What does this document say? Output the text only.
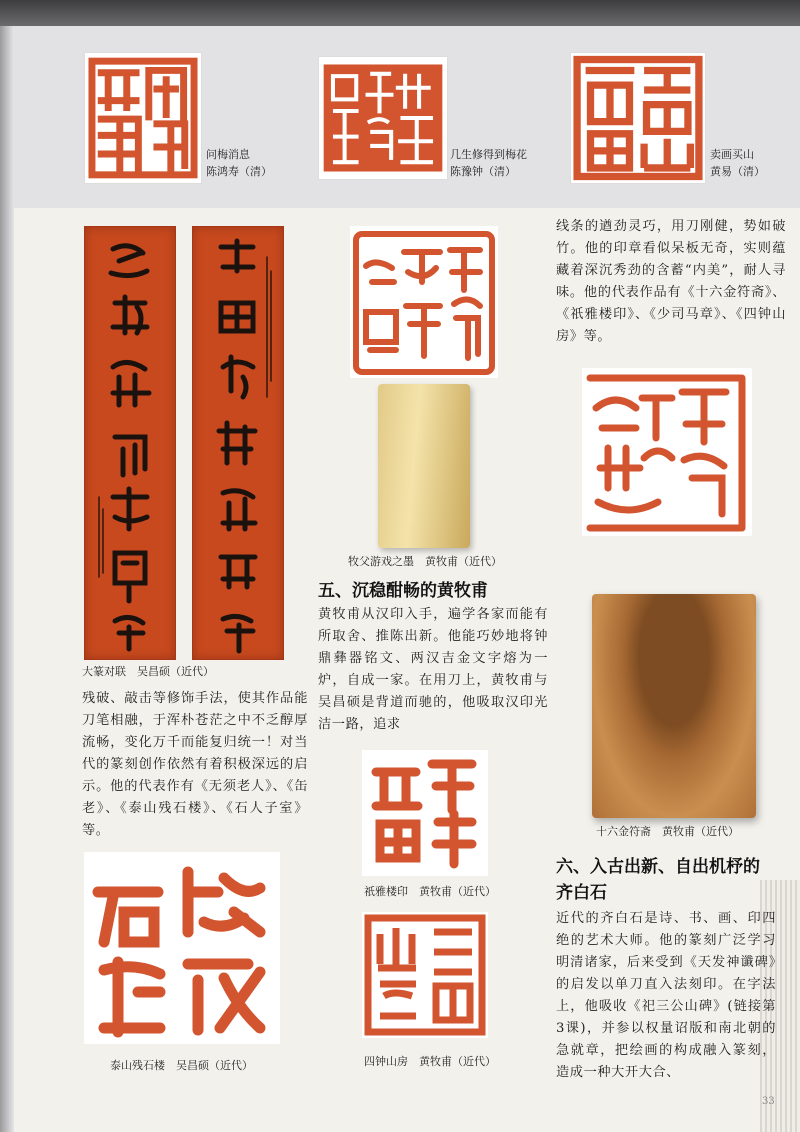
问梅消息
陈鸿寿（清）
几生修得到梅花
陈豫钟（清）
卖画买山
黄易（清）
大篆对联　吴昌硕（近代）
残破、敲击等修饰手法，使其作品能刀笔相融，于浑朴苍茫之中不乏醇厚流畅，变化万千而能复归统一！对当代的篆刻创作依然有着积极深远的启示。他的代表作有《无须老人》、《缶老》、《泰山残石楼》、《石人子室》等。
泰山残石楼　吴昌硕（近代）
牧父游戏之墨　黄牧甫（近代）
五、沉稳酣畅的黄牧甫
黄牧甫从汉印入手，遍学各家而能有所取舍、推陈出新。他能巧妙地将钟鼎彝器铭文、两汉吉金文字熔为一炉，自成一家。在用刀上，黄牧甫与吴昌硕是背道而驰的，他吸取汉印光洁一路，追求
祇雅楼印　黄牧甫（近代）
四钟山房　黄牧甫（近代）
线条的遒劲灵巧，用刀刚健，势如破竹。他的印章看似呆板无奇，实则蕴藏着深沉秀劲的含蓄“内美”，耐人寻味。他的代表作品有《十六金符斋》、《祇雅楼印》、《少司马章》、《四钟山房》等。
十六金符斋　黄牧甫（近代）
六、入古出新、自出机杼的
齐白石
近代的齐白石是诗、书、画、印四绝的艺术大师。他的篆刻广泛学习明清诸家，后来受到《天发神谶碑》的启发以单刀直入法刻印。在字法上，他吸收《祀三公山碑》(链接第3课)，并参以权量诏版和南北朝的急就章，把绘画的构成融入篆刻，造成一种大开大合、
33
